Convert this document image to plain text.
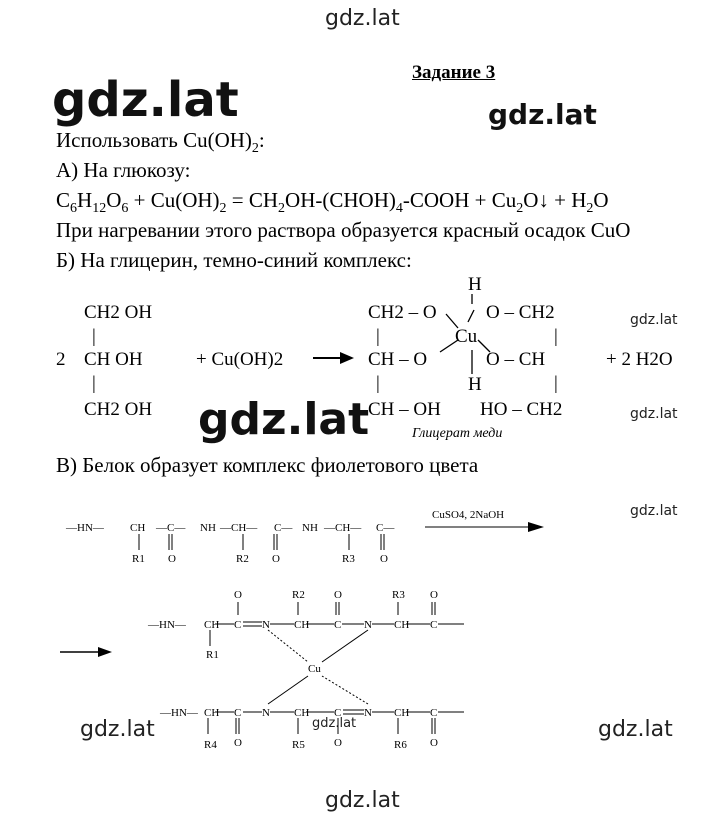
gdz.lat
gdz.lat	gdz.lat
gdz.lat
gdz.lat
gdz.lat
gdz.lat
gdz.lat	gdz.lat	gdz.lat
gdz.lat
Задание 3
Использовать $Cu(OH)_2$:
А) На глюкозу:
$C_6H_{12}O_6 + Cu(OH)_2$ = $CH_2OH-(CHOH)_4$-COOH + $Cu_2O↓ + H_2O$
При нагревании этого раствора образуется красный осадок CuO
Б) На глицерин, темно-синий комплекс:
2
CH2 OH
|
CH OH
|
CH2 OH
+ Cu(OH)2
CH2 – O
|
CH – O
|
CH – OH
H
Cu
O – CH2
|
O – CH
|
H
HO – CH2
+ 2 H2O
Глицерат меди
В) Белок образует комплекс фиолетового цвета
—HN— CH —C— NH —CH— C— NH —CH— C—
R1 O	R2 O	R3 O
CuSO4, 2NaOH
O	R2	O	R3 O
—HN— CH C N CH C N CH C
R1
Cu
—HN— CH C N CH C N CH C
R4 O	R5	O	R6 O
